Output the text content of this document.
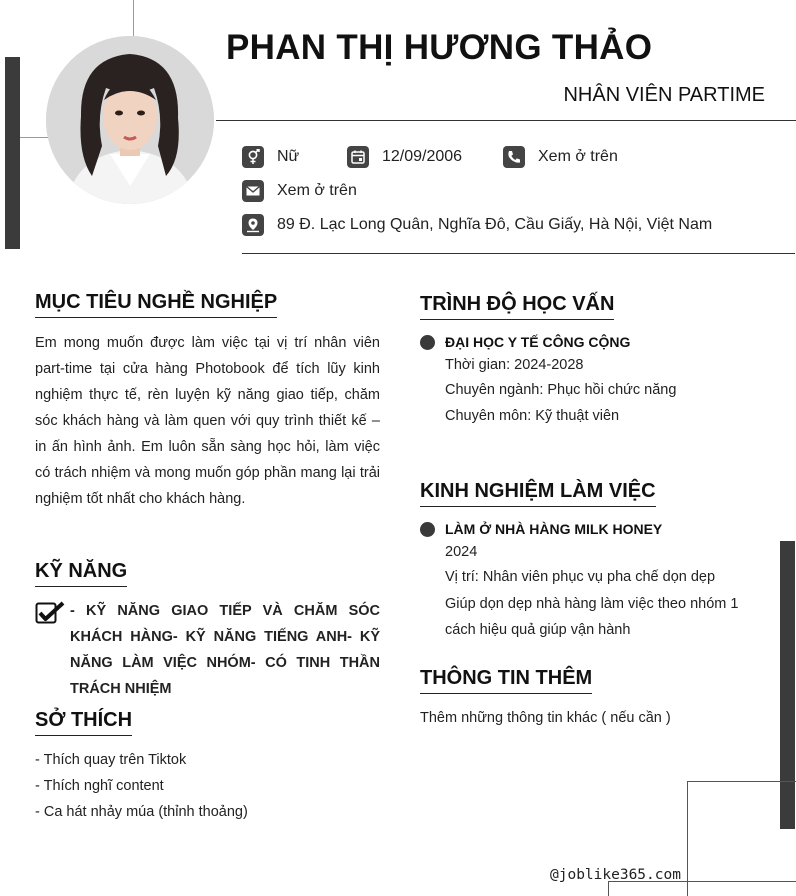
PHAN THỊ HƯƠNG THẢO
NHÂN VIÊN PARTIME
Nữ	12/09/2006	Xem ở trên
Xem ở trên
89 Đ. Lạc Long Quân, Nghĩa Đô, Cầu Giấy, Hà Nội, Việt Nam
MỤC TIÊU NGHỀ NGHIỆP
Em mong muốn được làm việc tại vị trí nhân viên part-time tại cửa hàng Photobook để tích lũy kinh nghiệm thực tế, rèn luyện kỹ năng giao tiếp, chăm sóc khách hàng và làm quen với quy trình thiết kế – in ấn hình ảnh. Em luôn sẵn sàng học hỏi, làm việc có trách nhiệm và mong muốn góp phần mang lại trải nghiệm tốt nhất cho khách hàng.
KỸ NĂNG
- KỸ NĂNG GIAO TIẾP VÀ CHĂM SÓC KHÁCH HÀNG- KỸ NĂNG TIẾNG ANH- KỸ NĂNG LÀM VIỆC NHÓM- CÓ TINH THẦN TRÁCH NHIỆM
SỞ THÍCH
- Thích quay trên Tiktok
- Thích nghĩ content
- Ca hát nhảy múa (thỉnh thoảng)
TRÌNH ĐỘ HỌC VẤN
ĐẠI HỌC Y TẾ CÔNG CỘNG
Thời gian: 2024-2028
Chuyên ngành: Phục hồi chức năng
Chuyên môn: Kỹ thuật viên
KINH NGHIỆM LÀM VIỆC
LÀM Ở NHÀ HÀNG MILK HONEY
2024
Vị trí: Nhân viên phục vụ pha chế dọn dẹp
Giúp dọn dẹp nhà hàng làm việc theo nhóm 1 cách hiệu quả giúp vận hành
THÔNG TIN THÊM
Thêm những thông tin khác ( nếu cần )
@joblike365.com
